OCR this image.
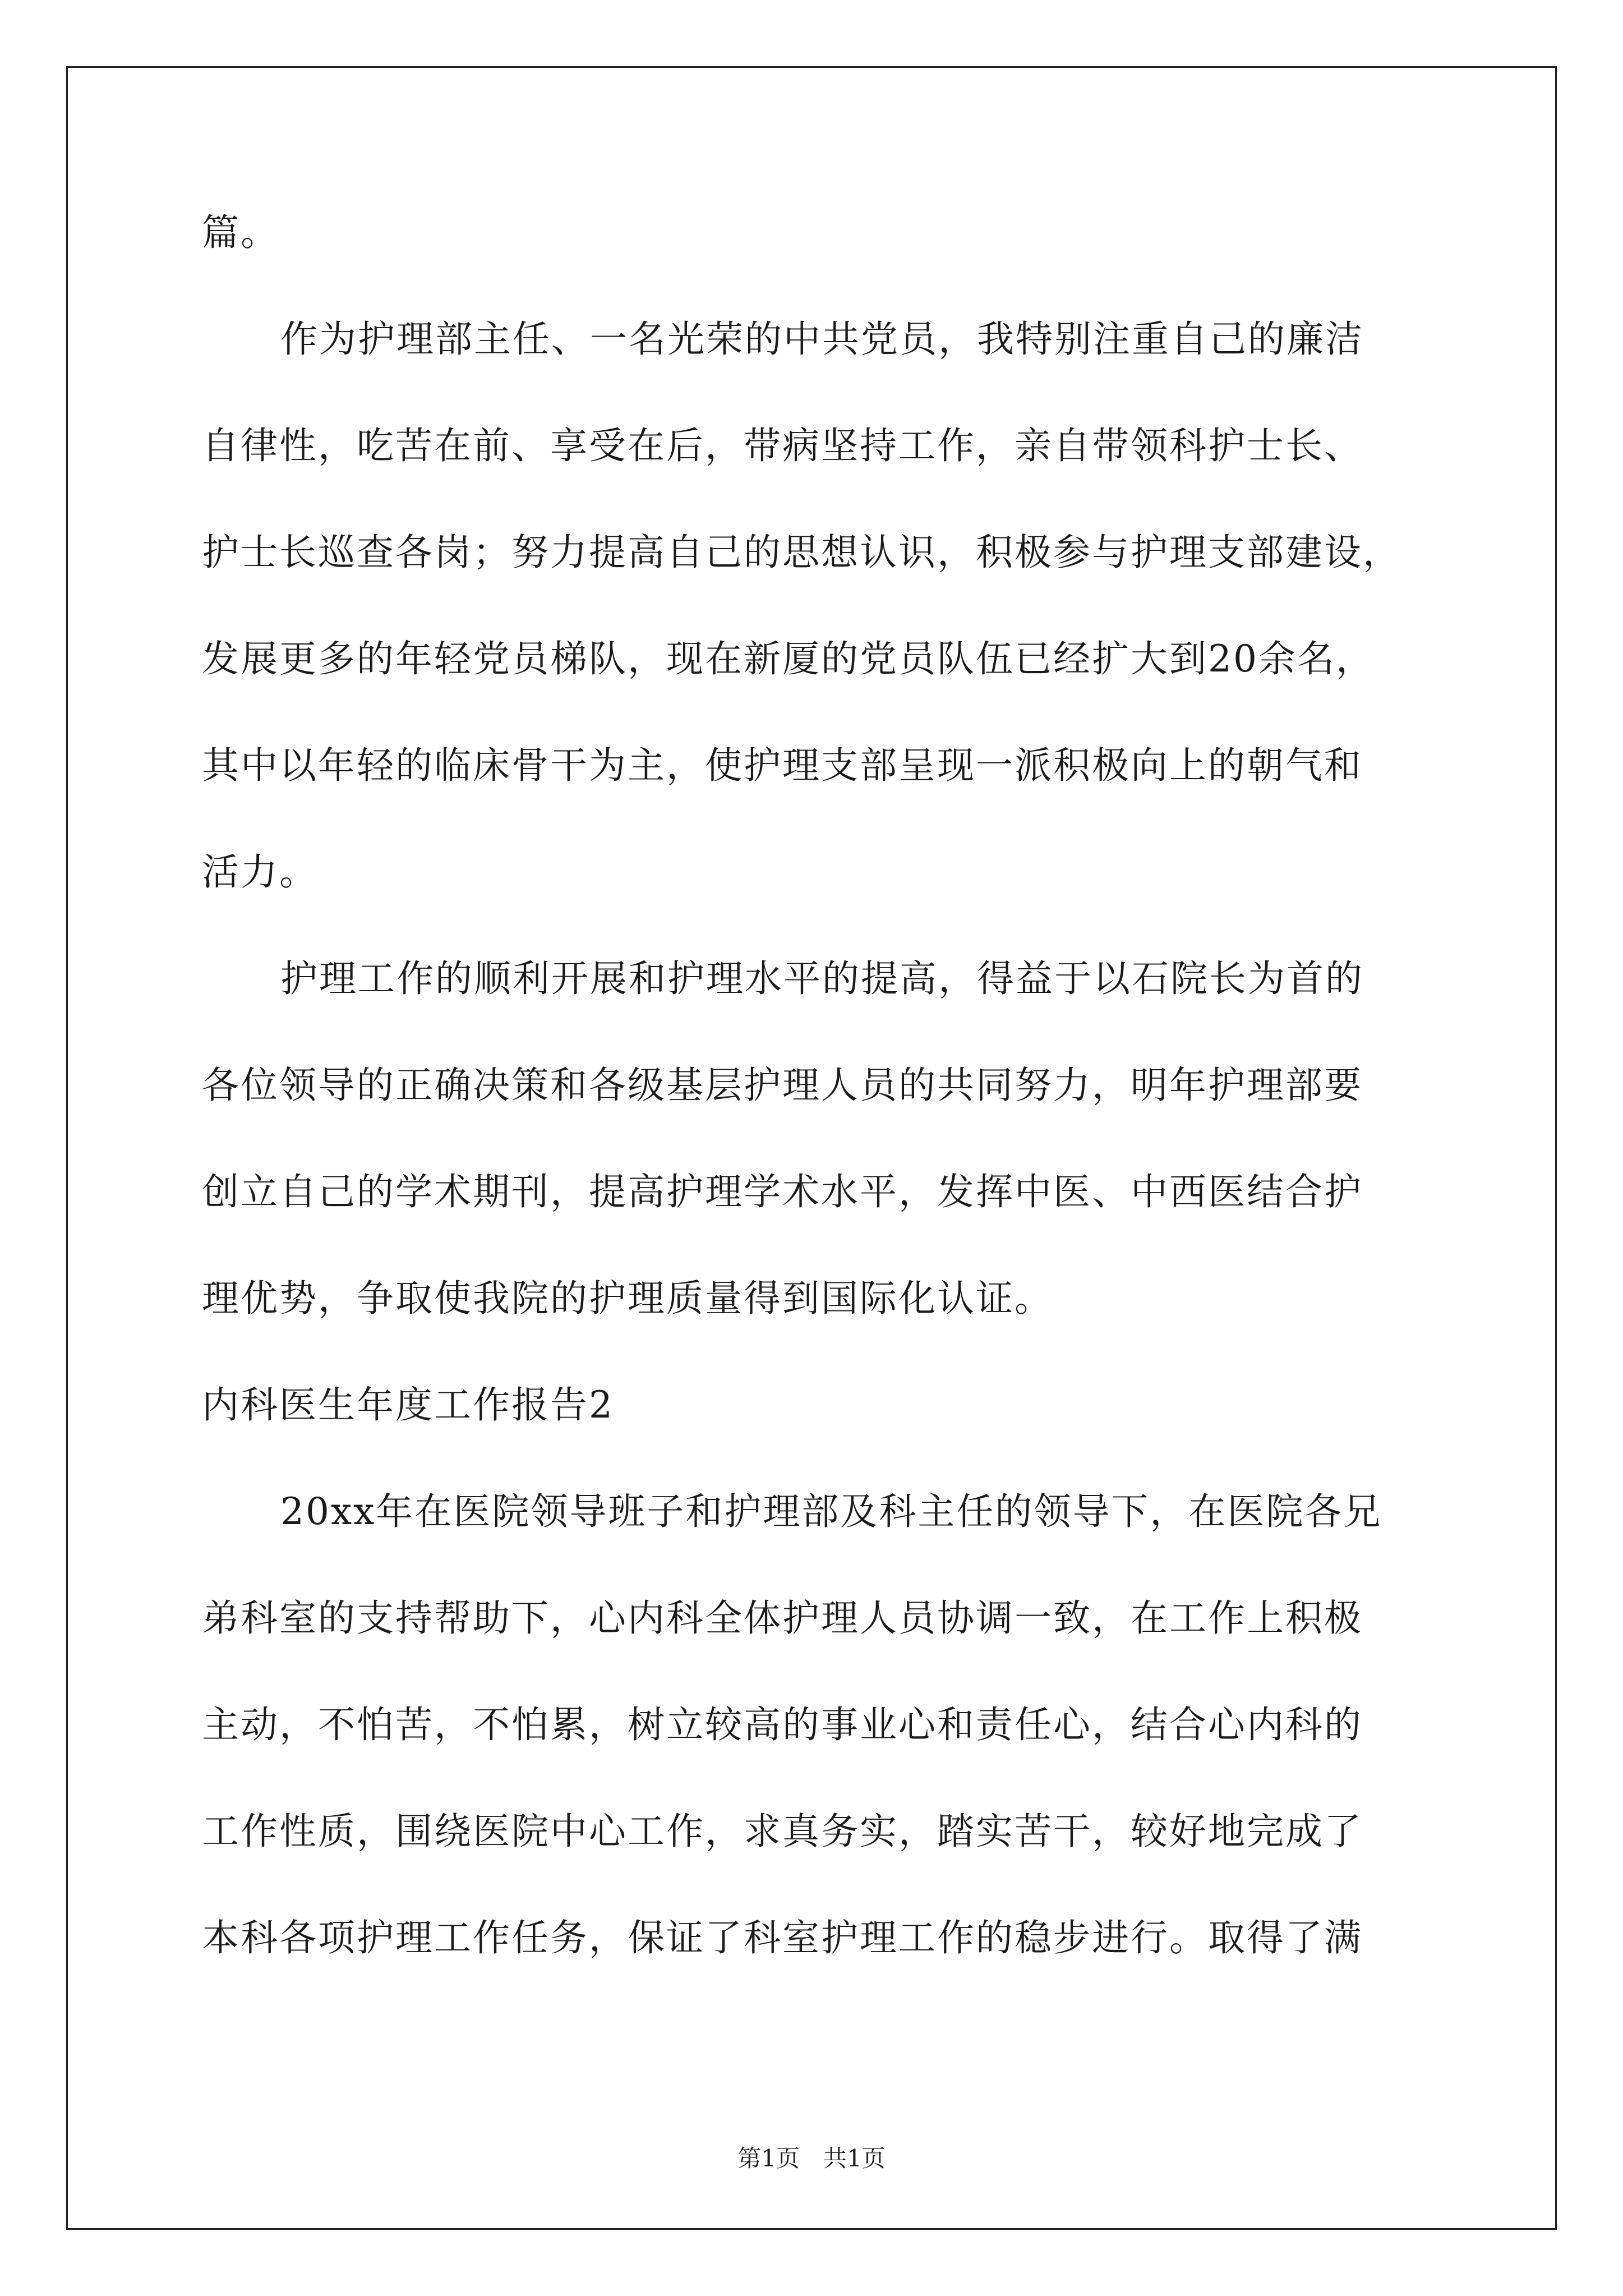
篇。
作为护理部主任、一名光荣的中共党员，我特别注重自己的廉洁
自律性，吃苦在前、享受在后，带病坚持工作，亲自带领科护士长、
护士长巡查各岗；努力提高自己的思想认识，积极参与护理支部建设，
发展更多的年轻党员梯队，现在新厦的党员队伍已经扩大到20余名，
其中以年轻的临床骨干为主，使护理支部呈现一派积极向上的朝气和
活力。
护理工作的顺利开展和护理水平的提高，得益于以石院长为首的
各位领导的正确决策和各级基层护理人员的共同努力，明年护理部要
创立自己的学术期刊，提高护理学术水平，发挥中医、中西医结合护
理优势，争取使我院的护理质量得到国际化认证。
内科医生年度工作报告2
20xx年在医院领导班子和护理部及科主任的领导下，在医院各兄
弟科室的支持帮助下，心内科全体护理人员协调一致，在工作上积极
主动，不怕苦，不怕累，树立较高的事业心和责任心，结合心内科的
工作性质，围绕医院中心工作，求真务实，踏实苦干，较好地完成了
本科各项护理工作任务，保证了科室护理工作的稳步进行。取得了满
第1页　共1页
